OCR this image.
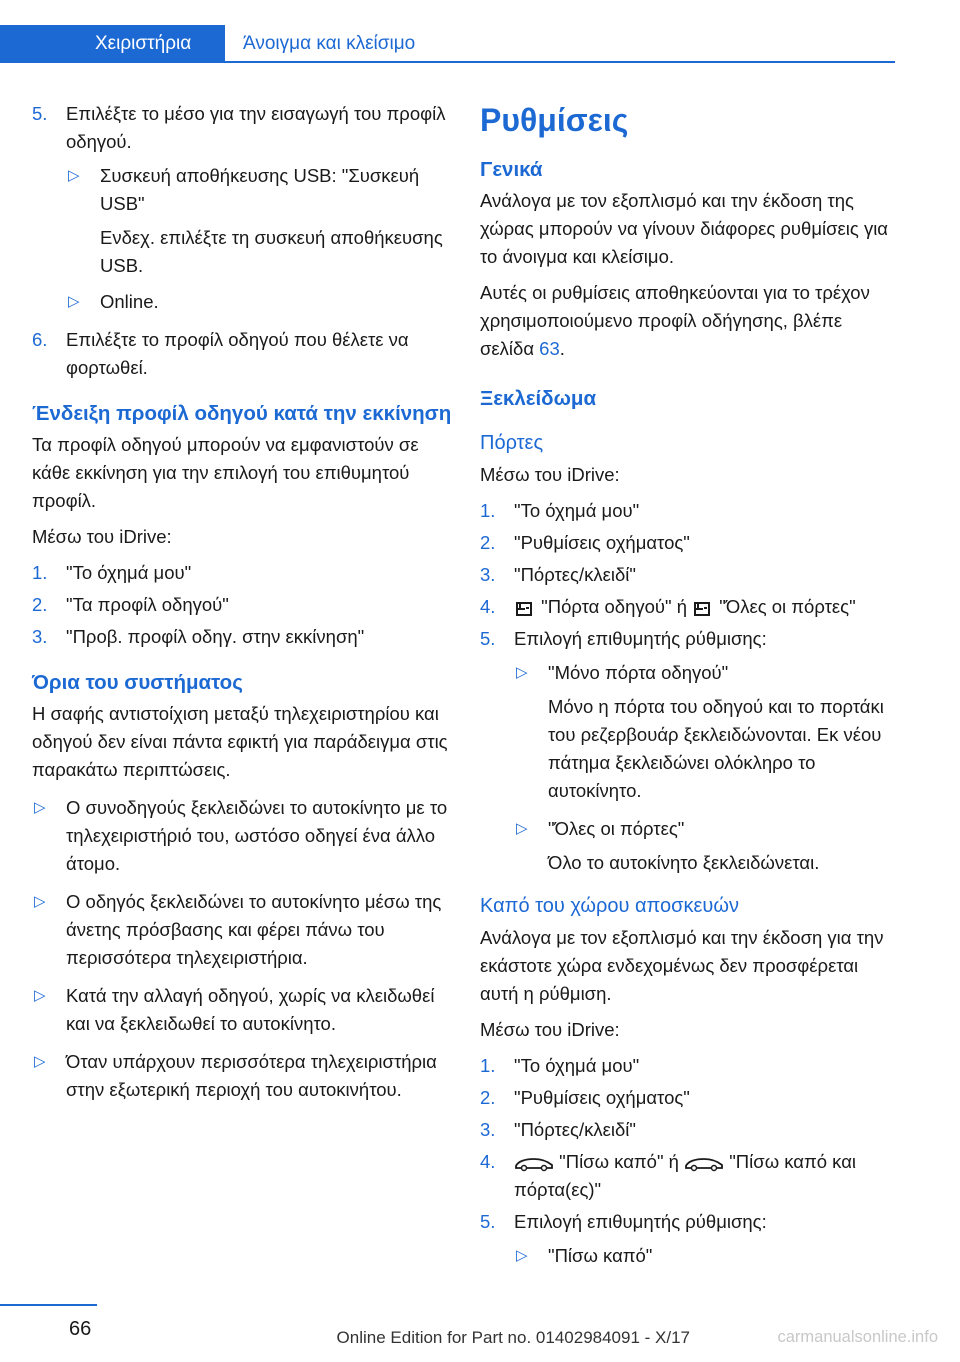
Χειριστήρια	Άνοιγμα και κλείσιμο
5. Επιλέξτε το μέσο για την εισαγωγή του προφίλ οδηγού.
▷ Συσκευή αποθήκευσης USB: "Συσκευή USB"
Ενδεχ. επιλέξτε τη συσκευή αποθήκευσης USB.
▷ Online.
6. Επιλέξτε το προφίλ οδηγού που θέλετε να φορτωθεί.
Ένδειξη προφίλ οδηγού κατά την εκκίνηση
Τα προφίλ οδηγού μπορούν να εμφανιστούν σε κάθε εκκίνηση για την επιλογή του επιθυμητού προφίλ.
Μέσω του iDrive:
1. "Το όχημά μου"
2. "Τα προφίλ οδηγού"
3. "Προβ. προφίλ οδηγ. στην εκκίνηση"
Όρια του συστήματος
Η σαφής αντιστοίχιση μεταξύ τηλεχειριστηρίου και οδηγού δεν είναι πάντα εφικτή για παράδειγμα στις παρακάτω περιπτώσεις.
▷ Ο συνοδηγούς ξεκλειδώνει το αυτοκίνητο με το τηλεχειριστήριό του, ωστόσο οδηγεί ένα άλλο άτομο.
▷ Ο οδηγός ξεκλειδώνει το αυτοκίνητο μέσω της άνετης πρόσβασης και φέρει πάνω του περισσότερα τηλεχειριστήρια.
▷ Κατά την αλλαγή οδηγού, χωρίς να κλειδωθεί και να ξεκλειδωθεί το αυτοκίνητο.
▷ Όταν υπάρχουν περισσότερα τηλεχειριστήρια στην εξωτερική περιοχή του αυτοκινήτου.
Ρυθμίσεις
Γενικά
Ανάλογα με τον εξοπλισμό και την έκδοση της χώρας μπορούν να γίνουν διάφορες ρυθμίσεις για το άνοιγμα και κλείσιμο.
Αυτές οι ρυθμίσεις αποθηκεύονται για το τρέχον χρησιμοποιούμενο προφίλ οδήγησης, βλέπε σελίδα 63.
Ξεκλείδωμα
Πόρτες
Μέσω του iDrive:
1. "Το όχημά μου"
2. "Ρυθμίσεις οχήματος"
3. "Πόρτες/κλειδί"
4. "Πόρτα οδηγού" ή  "Όλες οι πόρτες"
5. Επιλογή επιθυμητής ρύθμισης:
▷ "Μόνο πόρτα οδηγού"
Μόνο η πόρτα του οδηγού και το πορτάκι του ρεζερβουάρ ξεκλειδώνονται. Εκ νέου πάτημα ξεκλειδώνει ολόκληρο το αυτοκίνητο.
▷ "Όλες οι πόρτες"
Όλο το αυτοκίνητο ξεκλειδώνεται.
Καπό του χώρου αποσκευών
Ανάλογα με τον εξοπλισμό και την έκδοση για την εκάστοτε χώρα ενδεχομένως δεν προσφέρεται αυτή η ρύθμιση.
Μέσω του iDrive:
1. "Το όχημά μου"
2. "Ρυθμίσεις οχήματος"
3. "Πόρτες/κλειδί"
4.	"Πίσω καπό" ή  "Πίσω καπό και πόρτα(ες)"
5. Επιλογή επιθυμητής ρύθμισης:
▷ "Πίσω καπό"
66	Online Edition for Part no. 01402984091 - X/17	carmanualsonline.info
